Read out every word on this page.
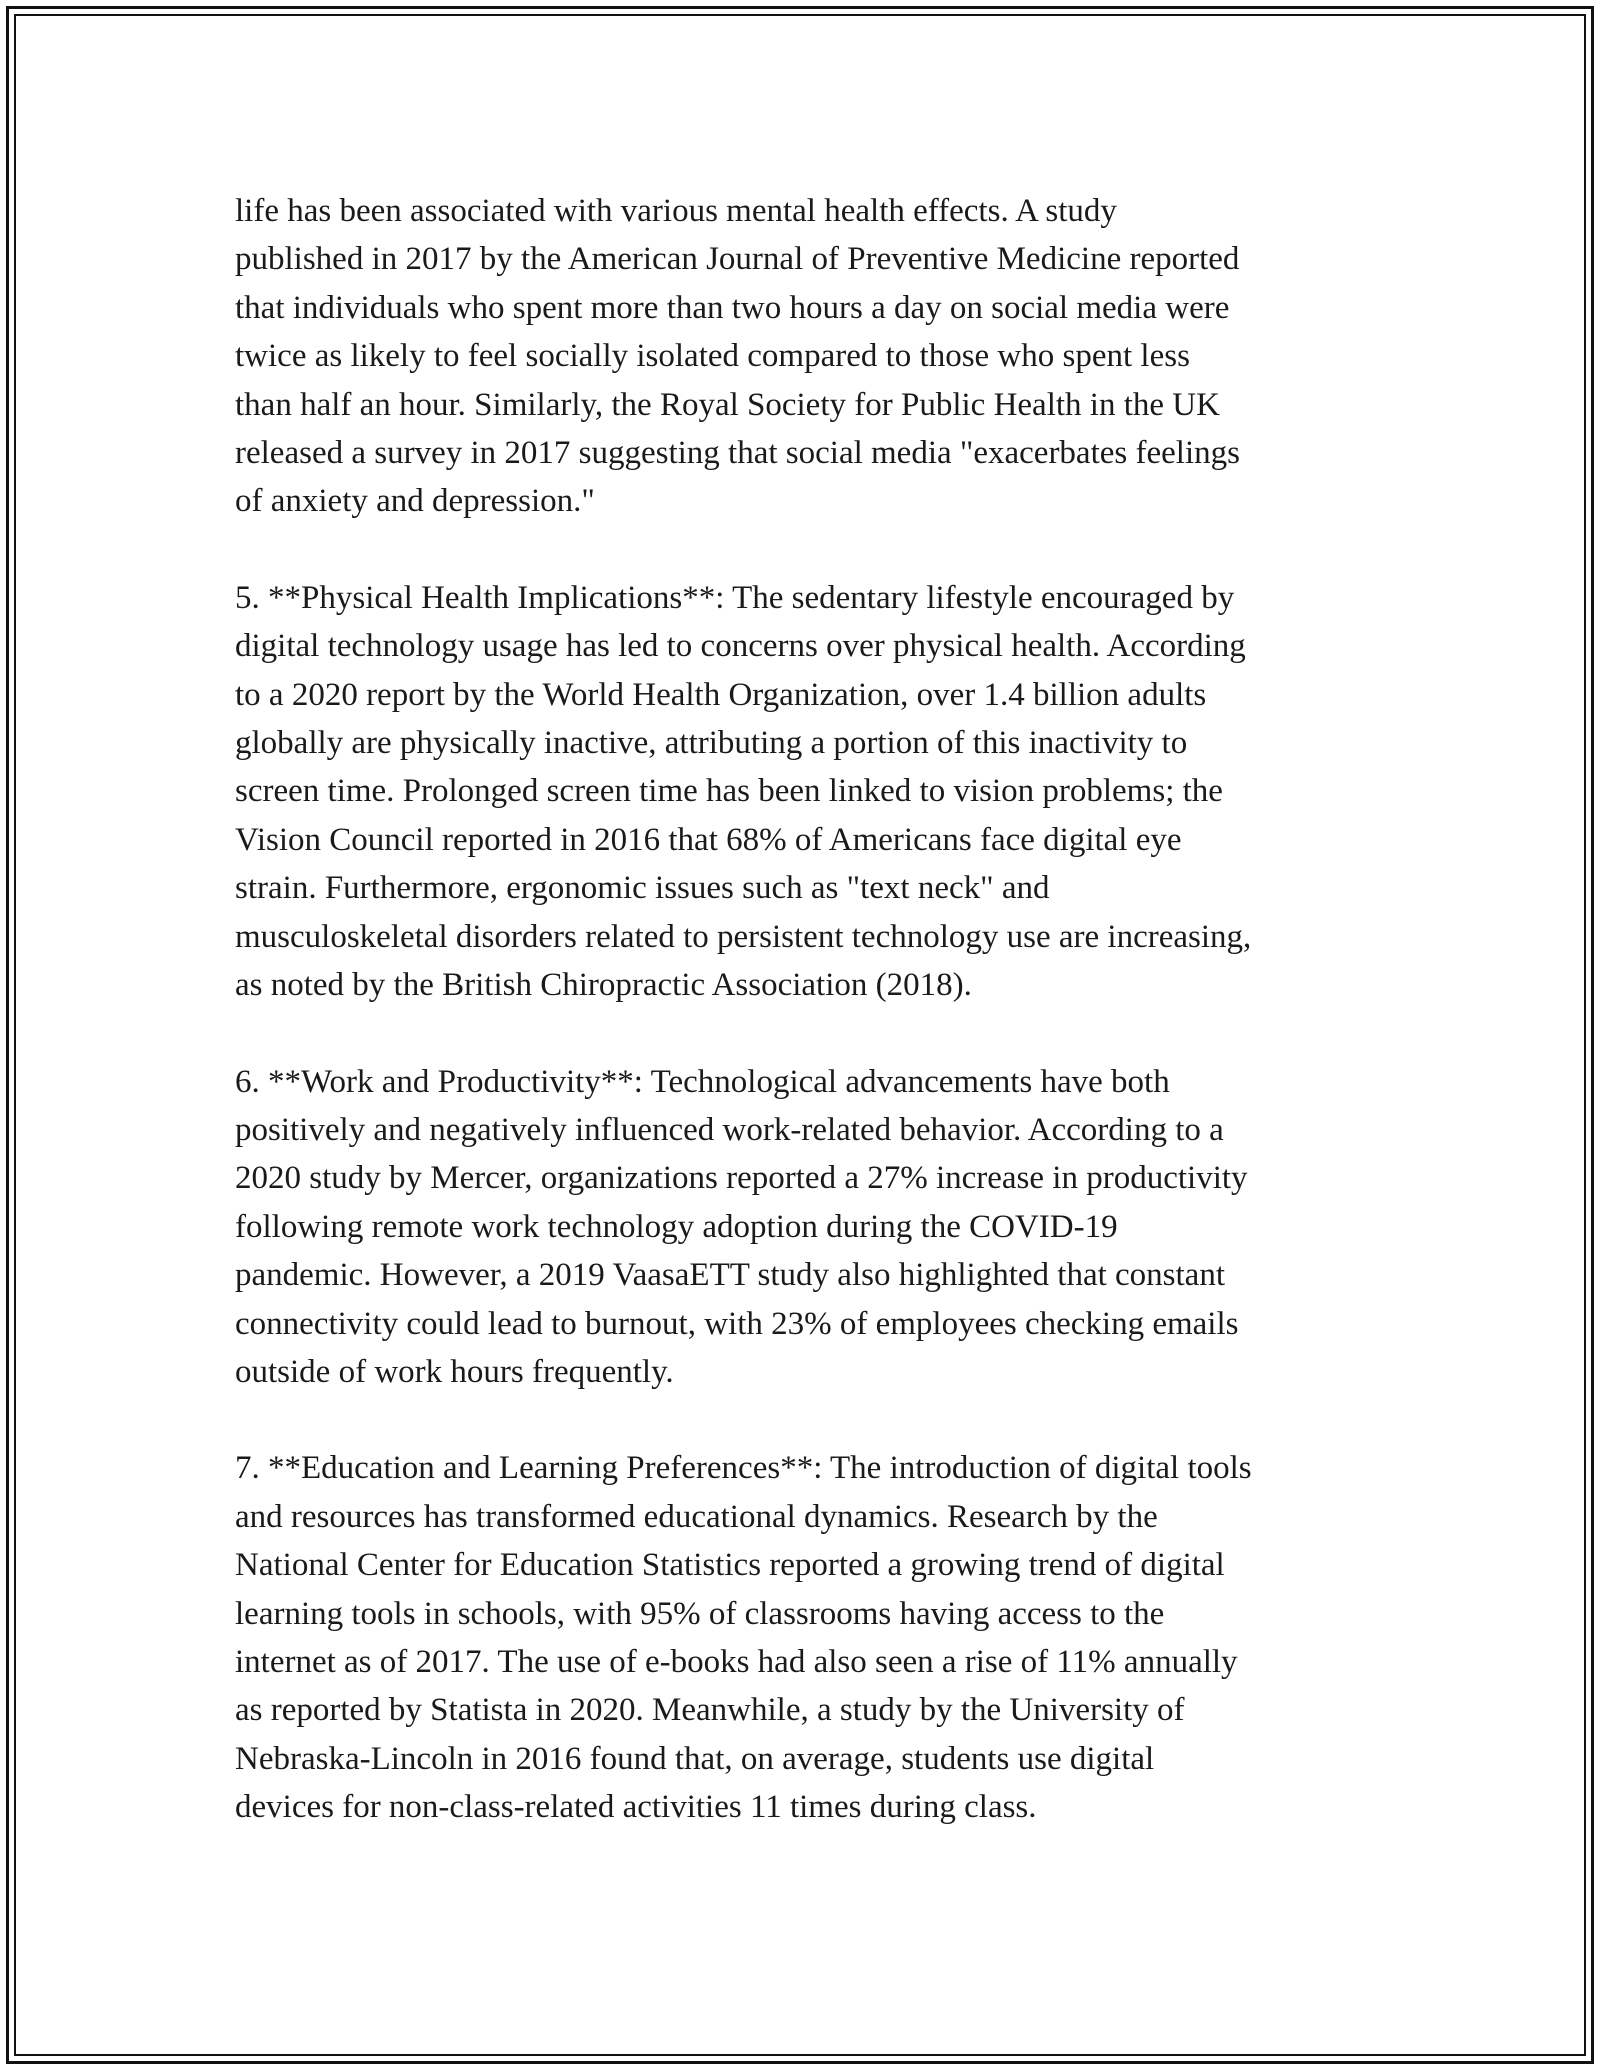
life has been associated with various mental health effects. A study
published in 2017 by the American Journal of Preventive Medicine reported
that individuals who spent more than two hours a day on social media were
twice as likely to feel socially isolated compared to those who spent less
than half an hour. Similarly, the Royal Society for Public Health in the UK
released a survey in 2017 suggesting that social media "exacerbates feelings
of anxiety and depression."

5. **Physical Health Implications**: The sedentary lifestyle encouraged by
digital technology usage has led to concerns over physical health. According
to a 2020 report by the World Health Organization, over 1.4 billion adults
globally are physically inactive, attributing a portion of this inactivity to
screen time. Prolonged screen time has been linked to vision problems; the
Vision Council reported in 2016 that 68% of Americans face digital eye
strain. Furthermore, ergonomic issues such as "text neck" and
musculoskeletal disorders related to persistent technology use are increasing,
as noted by the British Chiropractic Association (2018).

6. **Work and Productivity**: Technological advancements have both
positively and negatively influenced work-related behavior. According to a
2020 study by Mercer, organizations reported a 27% increase in productivity
following remote work technology adoption during the COVID-19
pandemic. However, a 2019 VaasaETT study also highlighted that constant
connectivity could lead to burnout, with 23% of employees checking emails
outside of work hours frequently.

7. **Education and Learning Preferences**: The introduction of digital tools
and resources has transformed educational dynamics. Research by the
National Center for Education Statistics reported a growing trend of digital
learning tools in schools, with 95% of classrooms having access to the
internet as of 2017. The use of e-books had also seen a rise of 11% annually
as reported by Statista in 2020. Meanwhile, a study by the University of
Nebraska-Lincoln in 2016 found that, on average, students use digital
devices for non-class-related activities 11 times during class.
